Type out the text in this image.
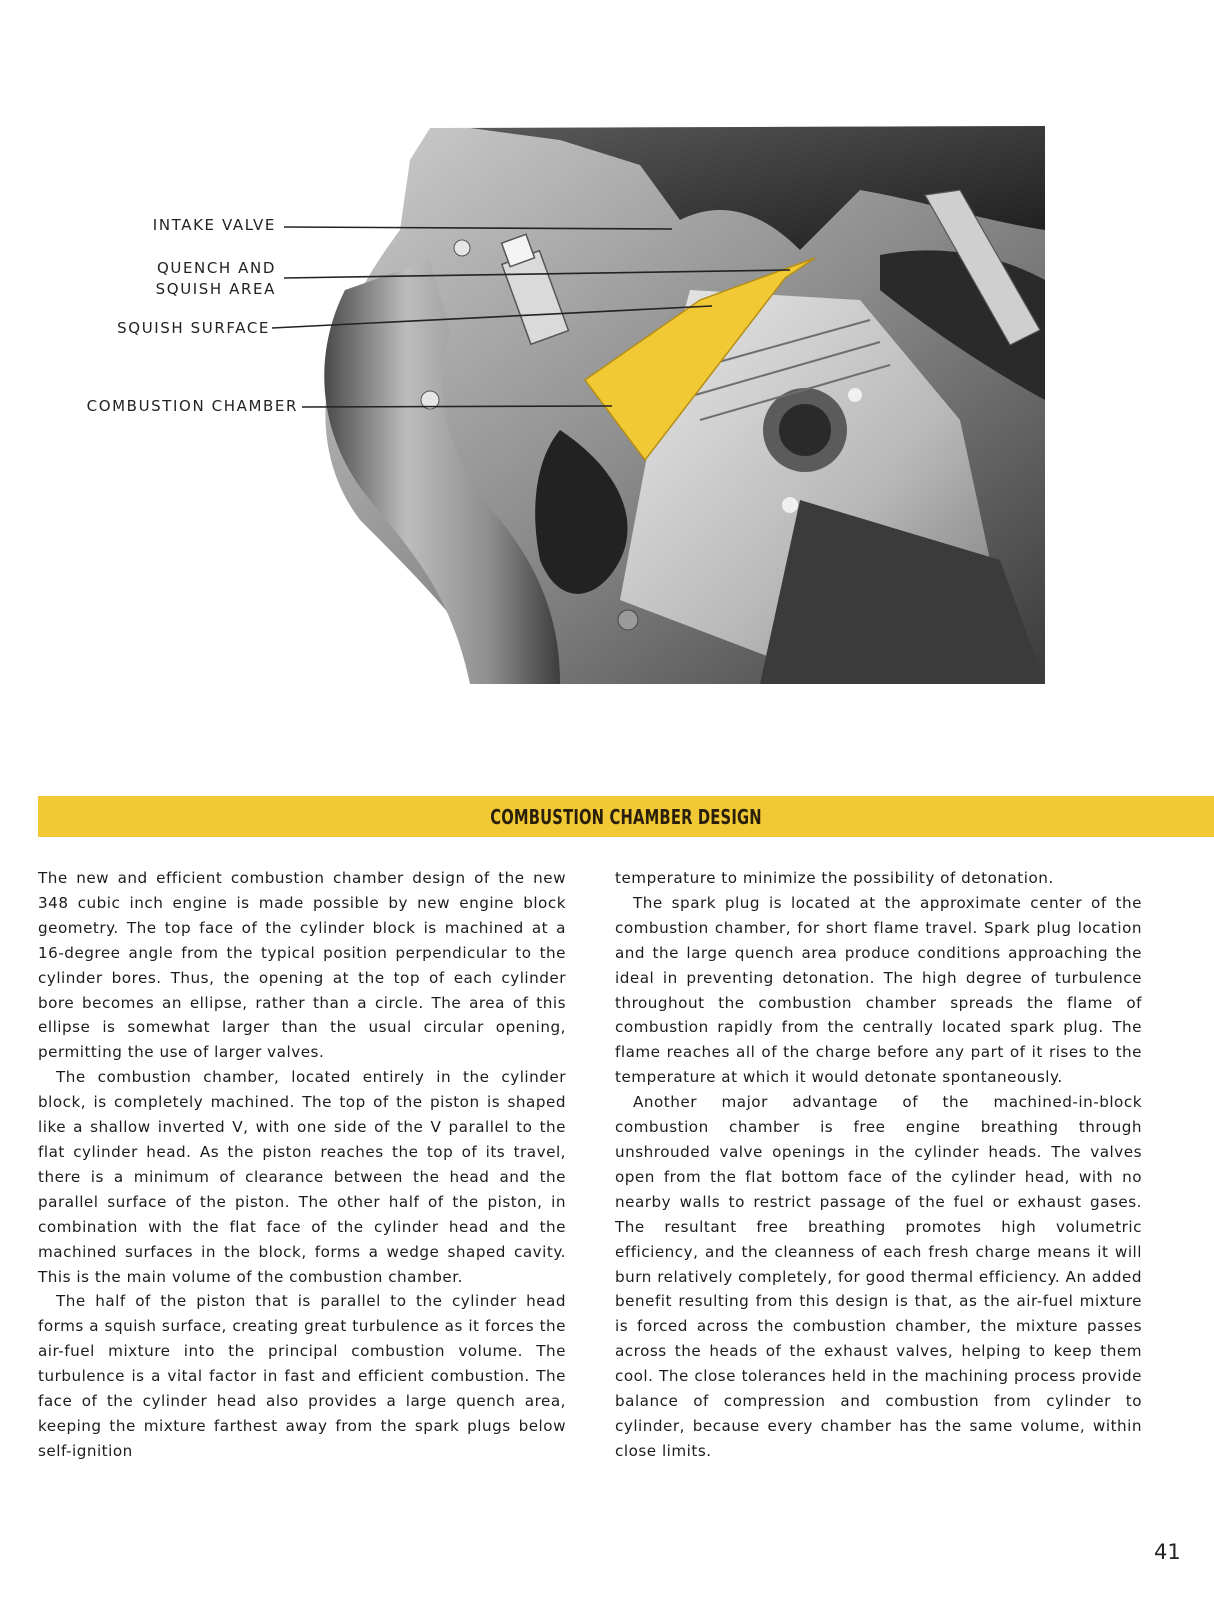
INTAKE VALVE
QUENCH AND
SQUISH AREA
SQUISH SURFACE
COMBUSTION CHAMBER
COMBUSTION CHAMBER DESIGN

The new and efficient combustion chamber design of the new 348 cubic inch engine is made possible by new engine block geometry. The top face of the cylinder block is machined at a 16-degree angle from the typical position perpendicular to the cylinder bores. Thus, the opening at the top of each cylinder bore becomes an ellipse, rather than a circle. The area of this ellipse is somewhat larger than the usual circular opening, permitting the use of larger valves.

The combustion chamber, located entirely in the cylinder block, is completely machined. The top of the piston is shaped like a shallow inverted V, with one side of the V parallel to the flat cylinder head. As the piston reaches the top of its travel, there is a minimum of clearance between the head and the parallel surface of the piston. The other half of the piston, in combination with the flat face of the cylinder head and the machined surfaces in the block, forms a wedge shaped cavity. This is the main volume of the combustion chamber.

The half of the piston that is parallel to the cylinder head forms a squish surface, creating great turbulence as it forces the air-fuel mixture into the principal combustion volume. The turbulence is a vital factor in fast and efficient combustion. The face of the cylinder head also provides a large quench area, keeping the mixture farthest away from the spark plugs below self-ignition

temperature to minimize the possibility of detonation.

The spark plug is located at the approximate center of the combustion chamber, for short flame travel. Spark plug location and the large quench area produce conditions approaching the ideal in preventing detonation. The high degree of turbulence throughout the combustion chamber spreads the flame of combustion rapidly from the centrally located spark plug. The flame reaches all of the charge before any part of it rises to the temperature at which it would detonate spontaneously.

Another major advantage of the machined-in-block combustion chamber is free engine breathing through unshrouded valve openings in the cylinder heads. The valves open from the flat bottom face of the cylinder head, with no nearby walls to restrict passage of the fuel or exhaust gases. The resultant free breathing promotes high volumetric efficiency, and the cleanness of each fresh charge means it will burn relatively completely, for good thermal efficiency. An added benefit resulting from this design is that, as the air-fuel mixture is forced across the combustion chamber, the mixture passes across the heads of the exhaust valves, helping to keep them cool. The close tolerances held in the machining process provide balance of compression and combustion from cylinder to cylinder, because every chamber has the same volume, within close limits.

41
